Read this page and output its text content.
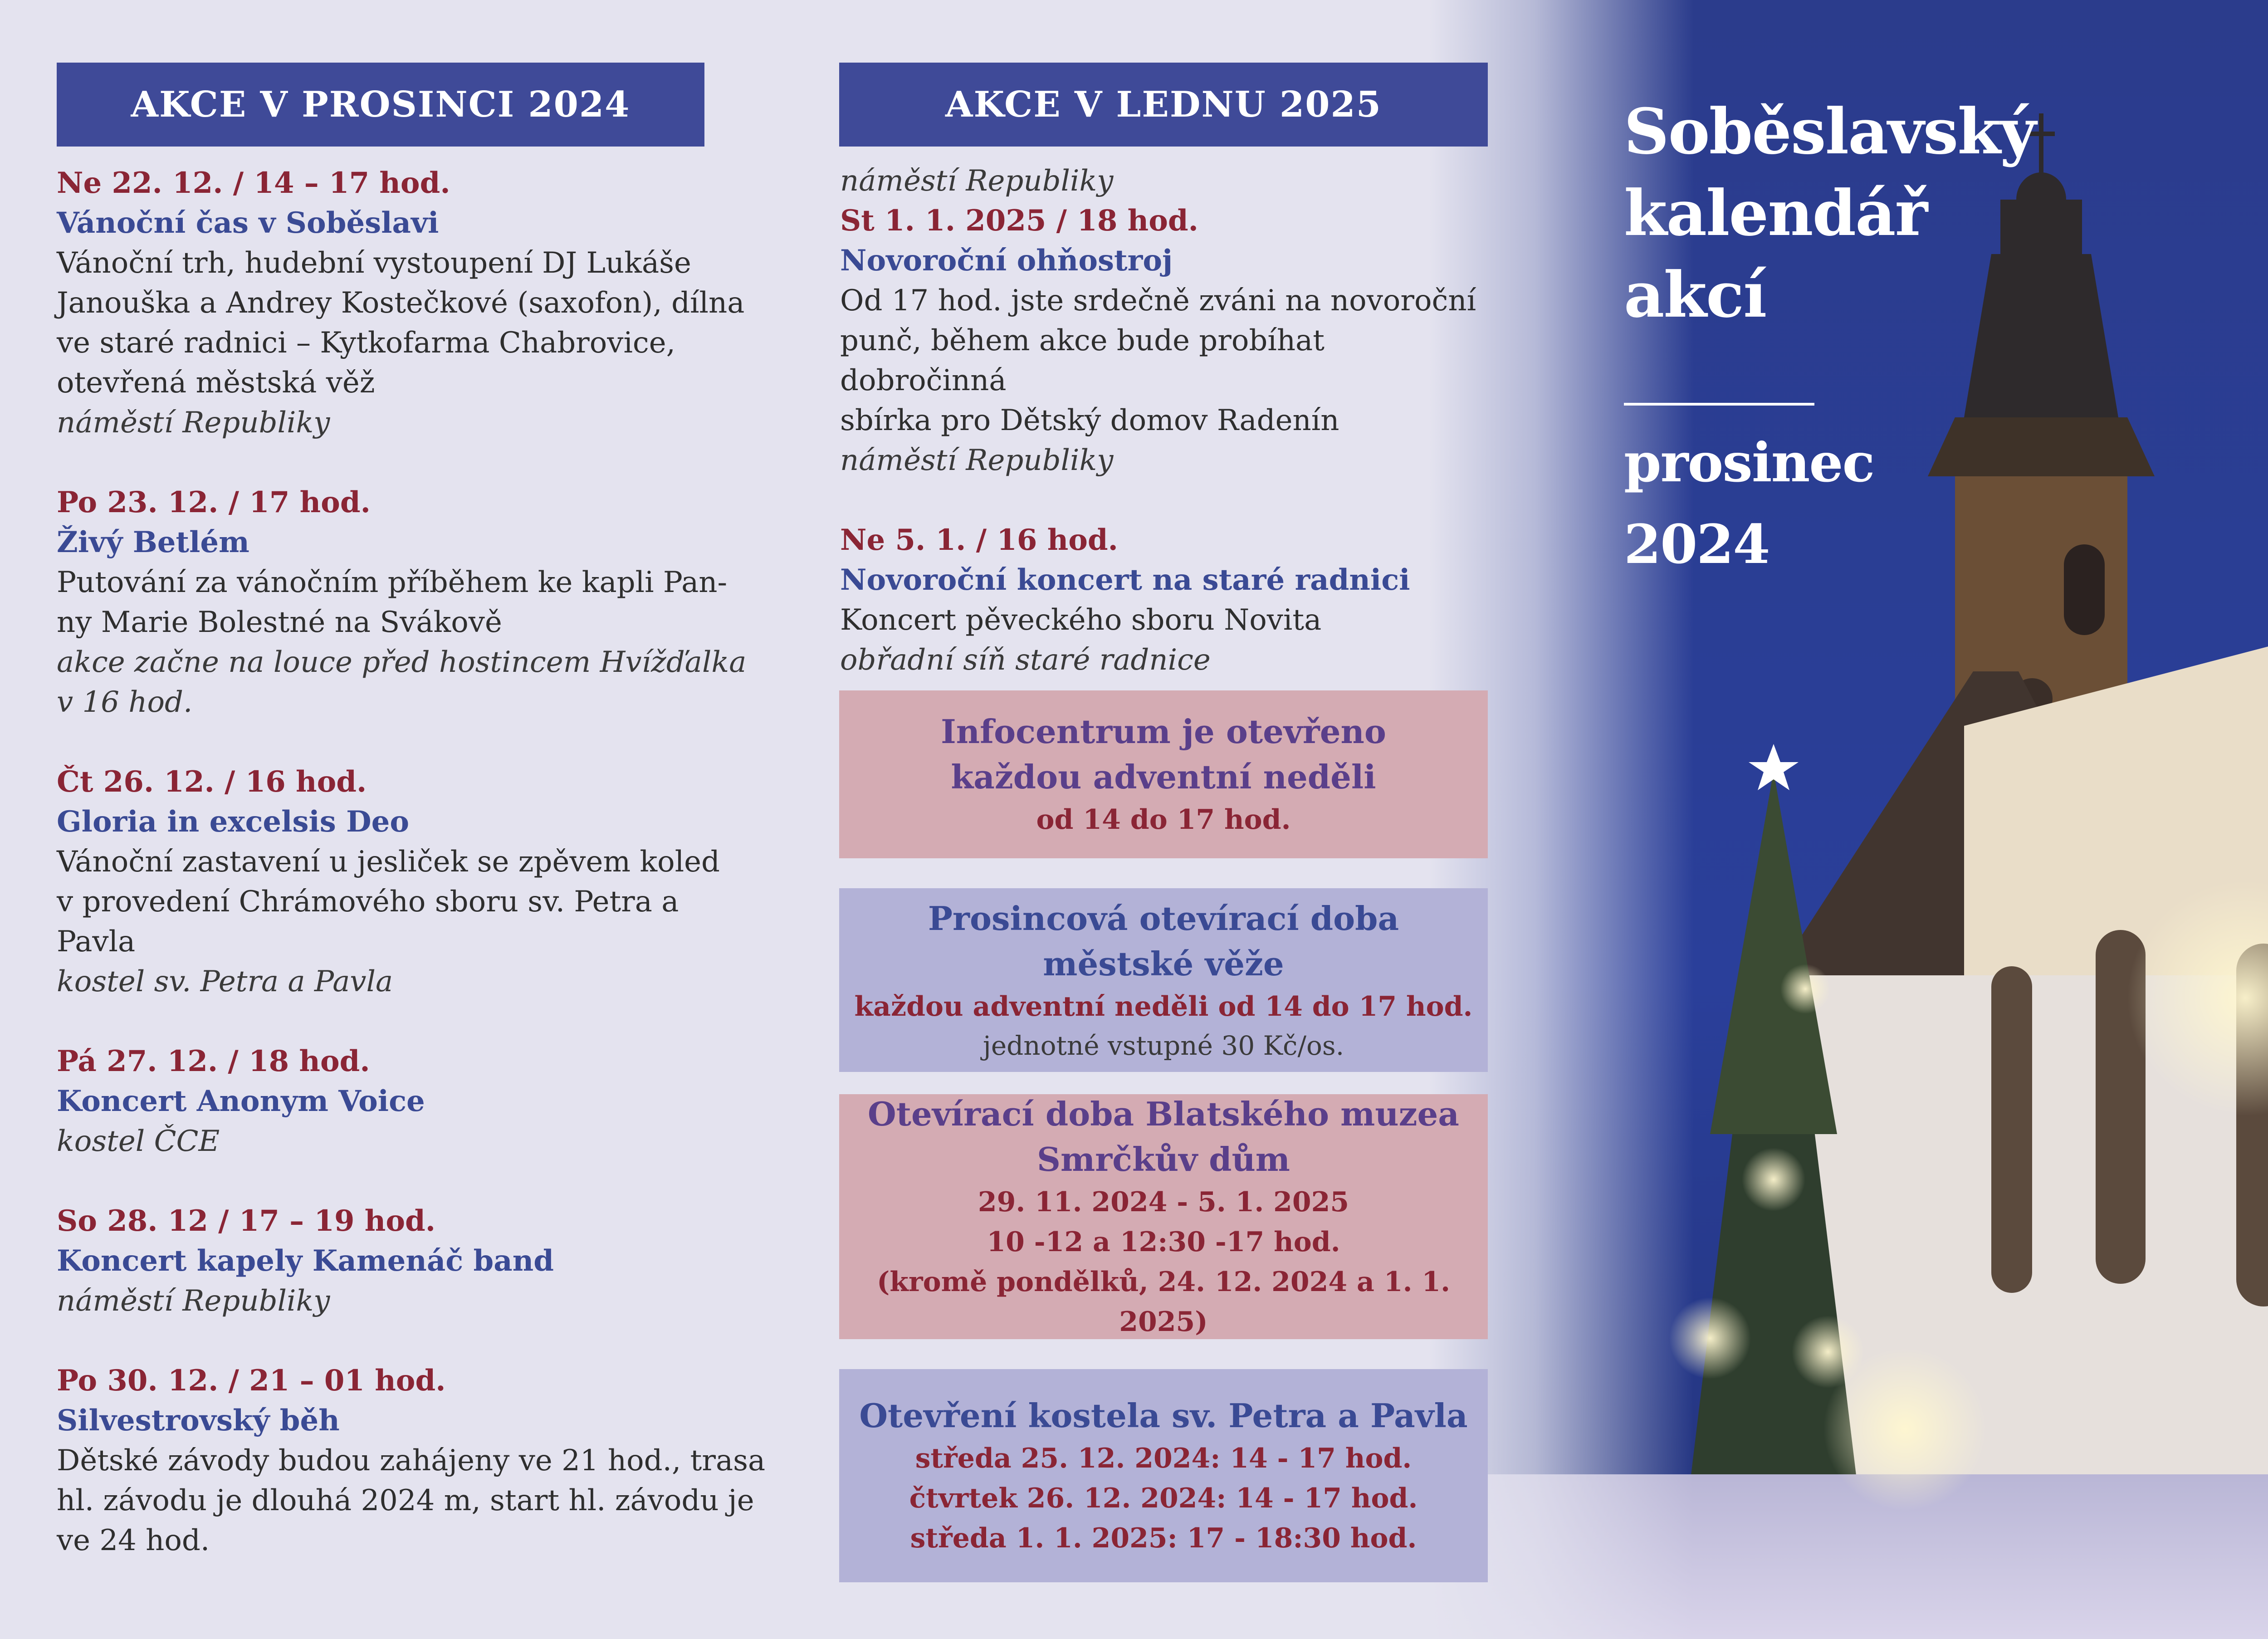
AKCE V PROSINCI 2024

Ne 22. 12. / 14 – 17 hod.

Vánoční čas v Soběslavi

Vánoční trh, hudební vystoupení DJ Lukáše

Janouška a Andrey Kostečkové (saxofon), dílna

ve staré radnici – Kytkofarma Chabrovice,

otevřená městská věž

náměstí Republiky

Po 23. 12. / 17 hod.

Živý Betlém

Putování za vánočním příběhem ke kapli Pan-

ny Marie Bolestné na Svákově

akce začne na louce před hostincem Hvížďalka

v 16 hod.

Čt 26. 12. / 16 hod.

Gloria in excelsis Deo

Vánoční zastavení u jesliček se zpěvem koled

v provedení Chrámového sboru sv. Petra a

Pavla

kostel sv. Petra a Pavla

Pá 27. 12. / 18 hod.

Koncert Anonym Voice

kostel ČCE

So 28. 12 / 17 – 19 hod.

Koncert kapely Kamenáč band

náměstí Republiky

Po 30. 12. / 21 – 01 hod.

Silvestrovský běh

Dětské závody budou zahájeny ve 21 hod., trasa

hl. závodu je dlouhá 2024 m, start hl. závodu je

ve 24 hod.

AKCE V LEDNU 2025

náměstí Republiky

St 1. 1. 2025 / 18 hod.

Novoroční ohňostroj

Od 17 hod. jste srdečně zváni na novoroční

punč, během akce bude probíhat dobročinná

sbírka pro Dětský domov Radenín

náměstí Republiky

Ne 5. 1. / 16 hod.

Novoroční koncert na staré radnici

Koncert pěveckého sboru Novita

obřadní síň staré radnice

Infocentrum je otevřeno
každou adventní neděli
od 14 do 17 hod.
Prosincová otevírací doba
městské věže
každou adventní neděli od 14 do 17 hod.
jednotné vstupné 30 Kč/os.
Otevírací doba Blatského muzea
Smrčkův dům
29. 11. 2024 - 5. 1. 2025
10 -12 a 12:30 -17 hod.
(kromě pondělků, 24. 12. 2024 a 1. 1. 2025)
Otevření kostela sv. Petra a Pavla
středa 25. 12. 2024: 14 - 17 hod.
čtvrtek 26. 12. 2024: 14 - 17 hod.
středa 1. 1. 2025: 17 - 18:30 hod.
Soběslavský
kalendář
akcí
prosinec
2024
